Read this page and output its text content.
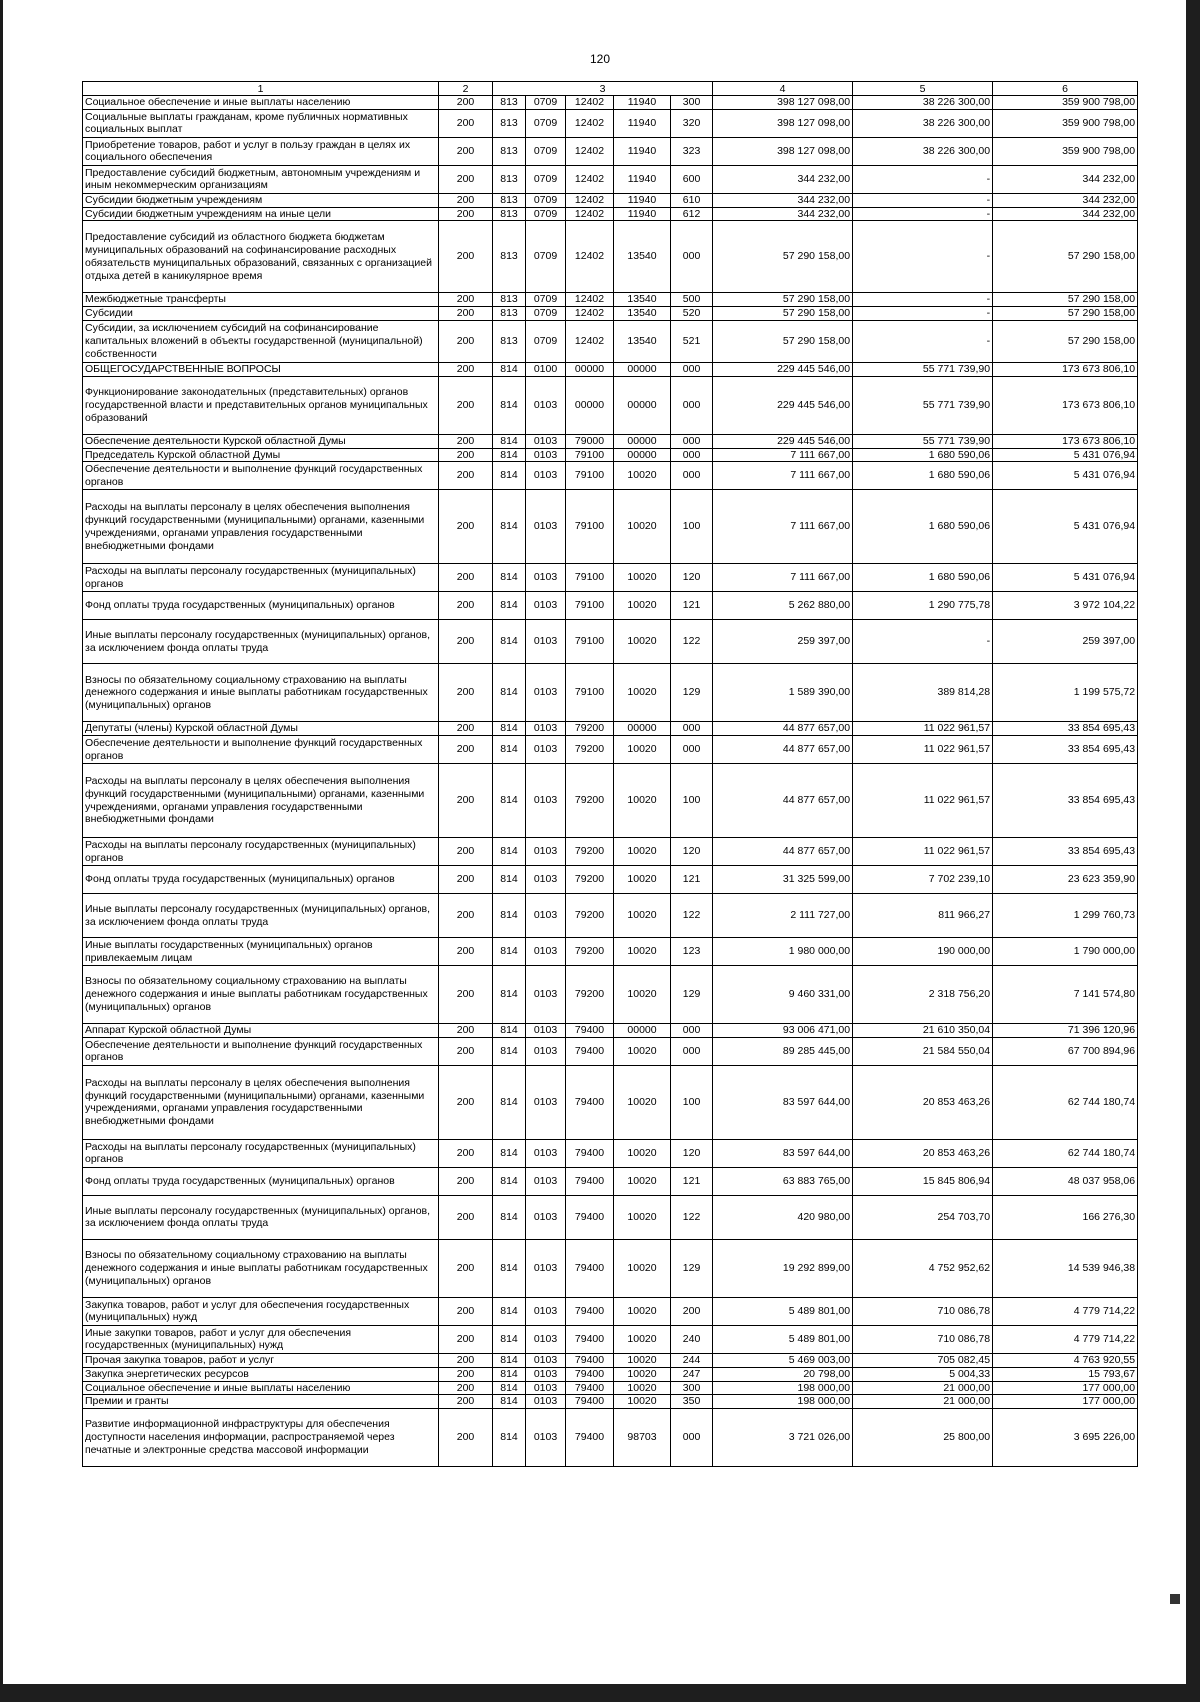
120
1	2	3					4	5	6
Социальное обеспечение и иные выплаты населению	200	813	0709	12402	11940	300	398 127 098,00	38 226 300,00	359 900 798,00
Социальные выплаты гражданам, кроме публичных нормативных социальных выплат	200	813	0709	12402	11940	320	398 127 098,00	38 226 300,00	359 900 798,00
Приобретение товаров, работ и услуг в пользу граждан в целях их социального обеспечения	200	813	0709	12402	11940	323	398 127 098,00	38 226 300,00	359 900 798,00
Предоставление субсидий бюджетным, автономным учреждениям и иным некоммерческим организациям	200	813	0709	12402	11940	600	344 232,00	-	344 232,00
Субсидии бюджетным учреждениям	200	813	0709	12402	11940	610	344 232,00	-	344 232,00
Субсидии бюджетным учреждениям на иные цели	200	813	0709	12402	11940	612	344 232,00	-	344 232,00
Предоставление субсидий из областного бюджета бюджетам муниципальных образований на софинансирование расходных обязательств муниципальных образований, связанных с организацией отдыха детей в каникулярное время	200	813	0709	12402	13540	000	57 290 158,00	-	57 290 158,00
Межбюджетные трансферты	200	813	0709	12402	13540	500	57 290 158,00	-	57 290 158,00
Субсидии	200	813	0709	12402	13540	520	57 290 158,00	-	57 290 158,00
Субсидии, за исключением субсидий на софинансирование капитальных вложений в объекты государственной (муниципальной) собственности	200	813	0709	12402	13540	521	57 290 158,00	-	57 290 158,00
ОБЩЕГОСУДАРСТВЕННЫЕ ВОПРОСЫ	200	814	0100	00000	00000	000	229 445 546,00	55 771 739,90	173 673 806,10
Функционирование законодательных (представительных) органов государственной власти и представительных органов муниципальных образований	200	814	0103	00000	00000	000	229 445 546,00	55 771 739,90	173 673 806,10
Обеспечение деятельности Курской областной Думы	200	814	0103	79000	00000	000	229 445 546,00	55 771 739,90	173 673 806,10
Председатель Курской областной Думы	200	814	0103	79100	00000	000	7 111 667,00	1 680 590,06	5 431 076,94
Обеспечение деятельности и выполнение функций государственных органов	200	814	0103	79100	10020	000	7 111 667,00	1 680 590,06	5 431 076,94
Расходы на выплаты персоналу в целях обеспечения выполнения функций государственными (муниципальными) органами, казенными учреждениями, органами управления государственными внебюджетными фондами	200	814	0103	79100	10020	100	7 111 667,00	1 680 590,06	5 431 076,94
Расходы на выплаты персоналу государственных (муниципальных) органов	200	814	0103	79100	10020	120	7 111 667,00	1 680 590,06	5 431 076,94
Фонд оплаты труда государственных (муниципальных) органов	200	814	0103	79100	10020	121	5 262 880,00	1 290 775,78	3 972 104,22
Иные выплаты персоналу государственных (муниципальных) органов, за исключением фонда оплаты труда	200	814	0103	79100	10020	122	259 397,00	-	259 397,00
Взносы по обязательному социальному страхованию на выплаты денежного содержания и иные выплаты работникам государственных (муниципальных) органов	200	814	0103	79100	10020	129	1 589 390,00	389 814,28	1 199 575,72
Депутаты (члены) Курской областной Думы	200	814	0103	79200	00000	000	44 877 657,00	11 022 961,57	33 854 695,43
Обеспечение деятельности и выполнение функций государственных органов	200	814	0103	79200	10020	000	44 877 657,00	11 022 961,57	33 854 695,43
Расходы на выплаты персоналу в целях обеспечения выполнения функций государственными (муниципальными) органами, казенными учреждениями, органами управления государственными внебюджетными фондами	200	814	0103	79200	10020	100	44 877 657,00	11 022 961,57	33 854 695,43
Расходы на выплаты персоналу государственных (муниципальных) органов	200	814	0103	79200	10020	120	44 877 657,00	11 022 961,57	33 854 695,43
Фонд оплаты труда государственных (муниципальных) органов	200	814	0103	79200	10020	121	31 325 599,00	7 702 239,10	23 623 359,90
Иные выплаты персоналу государственных (муниципальных) органов, за исключением фонда оплаты труда	200	814	0103	79200	10020	122	2 111 727,00	811 966,27	1 299 760,73
Иные выплаты государственных (муниципальных) органов привлекаемым лицам	200	814	0103	79200	10020	123	1 980 000,00	190 000,00	1 790 000,00
Взносы по обязательному социальному страхованию на выплаты денежного содержания и иные выплаты работникам государственных (муниципальных) органов	200	814	0103	79200	10020	129	9 460 331,00	2 318 756,20	7 141 574,80
Аппарат Курской областной Думы	200	814	0103	79400	00000	000	93 006 471,00	21 610 350,04	71 396 120,96
Обеспечение деятельности и выполнение функций государственных органов	200	814	0103	79400	10020	000	89 285 445,00	21 584 550,04	67 700 894,96
Расходы на выплаты персоналу в целях обеспечения выполнения функций государственными (муниципальными) органами, казенными учреждениями, органами управления государственными внебюджетными фондами	200	814	0103	79400	10020	100	83 597 644,00	20 853 463,26	62 744 180,74
Расходы на выплаты персоналу государственных (муниципальных) органов	200	814	0103	79400	10020	120	83 597 644,00	20 853 463,26	62 744 180,74
Фонд оплаты труда государственных (муниципальных) органов	200	814	0103	79400	10020	121	63 883 765,00	15 845 806,94	48 037 958,06
Иные выплаты персоналу государственных (муниципальных) органов, за исключением фонда оплаты труда	200	814	0103	79400	10020	122	420 980,00	254 703,70	166 276,30
Взносы по обязательному социальному страхованию на выплаты денежного содержания и иные выплаты работникам государственных (муниципальных) органов	200	814	0103	79400	10020	129	19 292 899,00	4 752 952,62	14 539 946,38
Закупка товаров, работ и услуг для обеспечения государственных (муниципальных) нужд	200	814	0103	79400	10020	200	5 489 801,00	710 086,78	4 779 714,22
Иные закупки товаров, работ и услуг для обеспечения государственных (муниципальных) нужд	200	814	0103	79400	10020	240	5 489 801,00	710 086,78	4 779 714,22
Прочая закупка товаров, работ и услуг	200	814	0103	79400	10020	244	5 469 003,00	705 082,45	4 763 920,55
Закупка энергетических ресурсов	200	814	0103	79400	10020	247	20 798,00	5 004,33	15 793,67
Социальное обеспечение и иные выплаты населению	200	814	0103	79400	10020	300	198 000,00	21 000,00	177 000,00
Премии и гранты	200	814	0103	79400	10020	350	198 000,00	21 000,00	177 000,00
Развитие информационной инфраструктуры для обеспечения доступности населения информации, распространяемой через печатные и электронные средства массовой информации	200	814	0103	79400	98703	000	3 721 026,00	25 800,00	3 695 226,00
